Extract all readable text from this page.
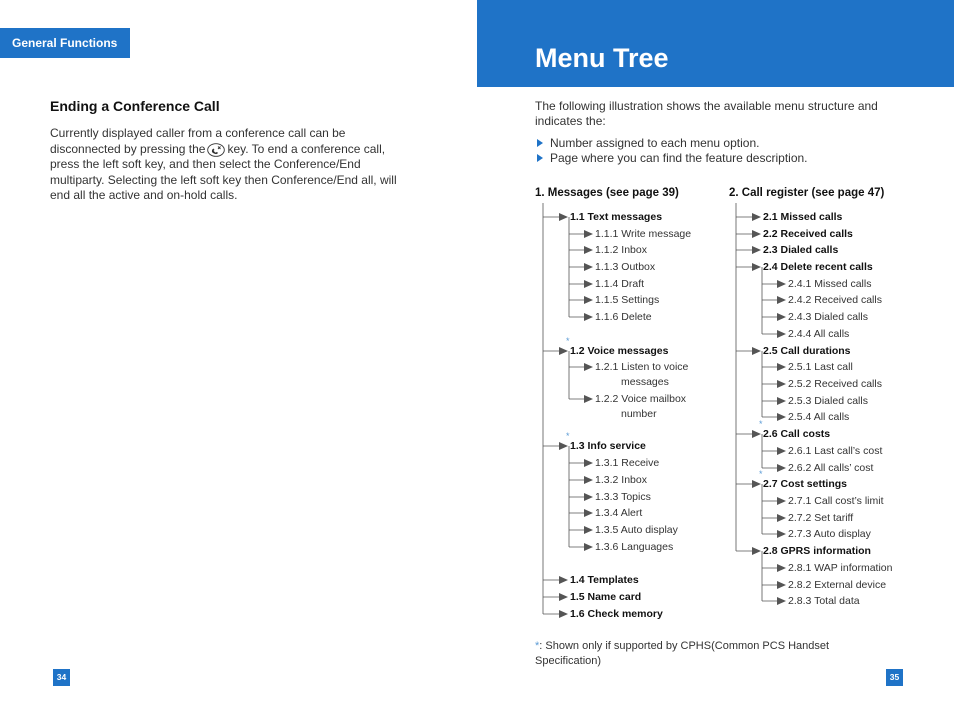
General Functions
Ending a Conference Call
Currently displayed caller from a conference call can be disconnected by pressing the key. To end a conference call, press the left soft key, and then select the Conference/End multiparty. Selecting the left soft key then Conference/End all, will end all the active and on-hold calls.
34
Menu Tree
The following illustration shows the available menu structure and indicates the:
Number assigned to each menu option.
Page where you can find the feature description.
1. Messages (see page 39)	2. Call register (see page 47)
1.1 Text messages
1.1.1 Write message
1.1.2 Inbox
1.1.3 Outbox
1.1.4 Draft
1.1.5 Settings
1.1.6 Delete
*
1.2 Voice messages
1.2.1 Listen to voice
messages
1.2.2 Voice mailbox
number
*
1.3 Info service
1.3.1 Receive
1.3.2 Inbox
1.3.3 Topics
1.3.4 Alert
1.3.5 Auto display
1.3.6 Languages
1.4 Templates
1.5 Name card
1.6 Check memory
2.1 Missed calls
2.2 Received calls
2.3 Dialed calls
2.4 Delete recent calls
2.4.1 Missed calls
2.4.2 Received calls
2.4.3 Dialed calls
2.4.4 All calls
2.5 Call durations
2.5.1 Last call
2.5.2 Received calls
2.5.3 Dialed calls
2.5.4 All calls
*
2.6 Call costs
2.6.1 Last call’s cost
2.6.2 All calls’ cost
*
2.7 Cost settings
2.7.1 Call cost’s limit
2.7.2 Set tariff
2.7.3 Auto display
2.8 GPRS information
2.8.1 WAP information
2.8.2 External device
2.8.3 Total data
*: Shown only if supported by CPHS(Common PCS Handset Specification)
35
